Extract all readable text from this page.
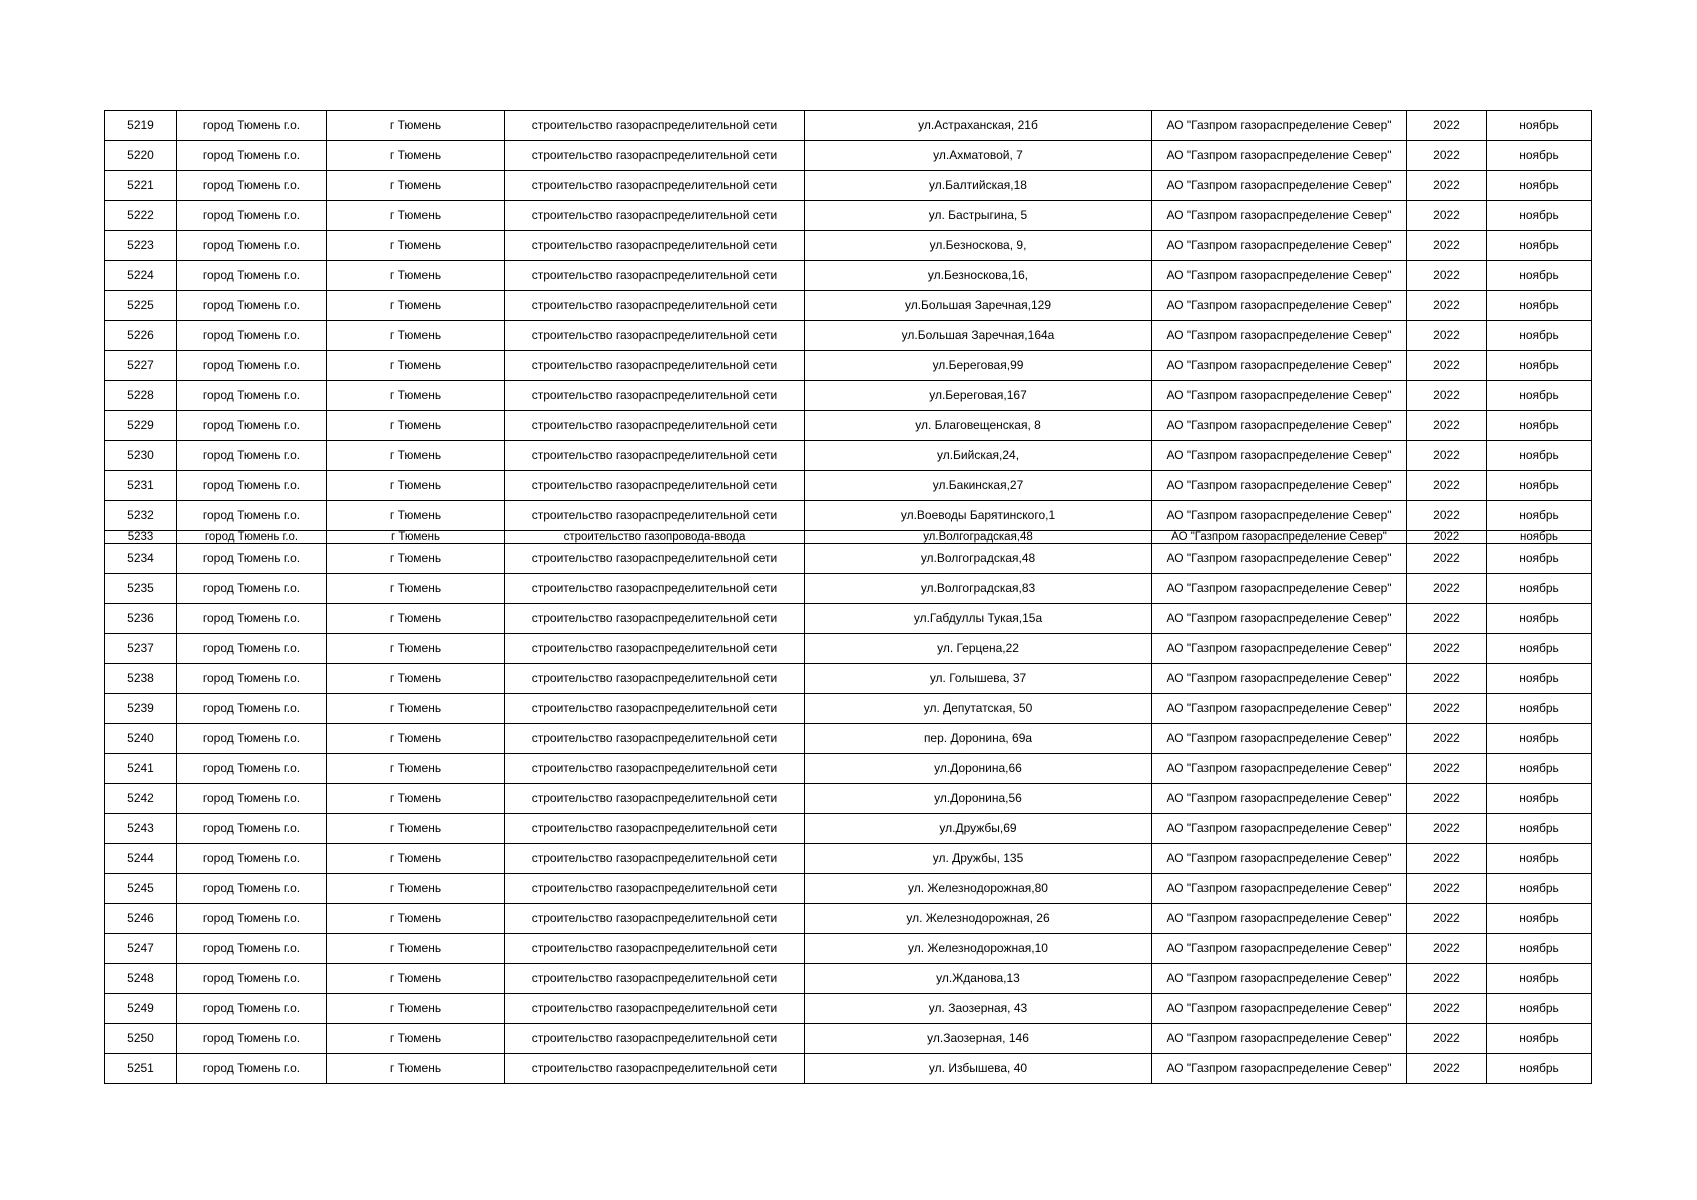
5219	город Тюмень г.о.	г Тюмень	строительство газораспределительной сети	ул.Астраханская, 21б	АО "Газпром газораспределение Север"	2022	ноябрь
5220	город Тюмень г.о.	г Тюмень	строительство газораспределительной сети	ул.Ахматовой, 7	АО "Газпром газораспределение Север"	2022	ноябрь
5221	город Тюмень г.о.	г Тюмень	строительство газораспределительной сети	ул.Балтийская,18	АО "Газпром газораспределение Север"	2022	ноябрь
5222	город Тюмень г.о.	г Тюмень	строительство газораспределительной сети	ул. Бастрыгина, 5	АО "Газпром газораспределение Север"	2022	ноябрь
5223	город Тюмень г.о.	г Тюмень	строительство газораспределительной сети	ул.Безноскова, 9,	АО "Газпром газораспределение Север"	2022	ноябрь
5224	город Тюмень г.о.	г Тюмень	строительство газораспределительной сети	ул.Безноскова,16,	АО "Газпром газораспределение Север"	2022	ноябрь
5225	город Тюмень г.о.	г Тюмень	строительство газораспределительной сети	ул.Большая Заречная,129	АО "Газпром газораспределение Север"	2022	ноябрь
5226	город Тюмень г.о.	г Тюмень	строительство газораспределительной сети	ул.Большая Заречная,164а	АО "Газпром газораспределение Север"	2022	ноябрь
5227	город Тюмень г.о.	г Тюмень	строительство газораспределительной сети	ул.Береговая,99	АО "Газпром газораспределение Север"	2022	ноябрь
5228	город Тюмень г.о.	г Тюмень	строительство газораспределительной сети	ул.Береговая,167	АО "Газпром газораспределение Север"	2022	ноябрь
5229	город Тюмень г.о.	г Тюмень	строительство газораспределительной сети	ул. Благовещенская, 8	АО "Газпром газораспределение Север"	2022	ноябрь
5230	город Тюмень г.о.	г Тюмень	строительство газораспределительной сети	ул.Бийская,24,	АО "Газпром газораспределение Север"	2022	ноябрь
5231	город Тюмень г.о.	г Тюмень	строительство газораспределительной сети	ул.Бакинская,27	АО "Газпром газораспределение Север"	2022	ноябрь
5232	город Тюмень г.о.	г Тюмень	строительство газораспределительной сети	ул.Воеводы Барятинского,1	АО "Газпром газораспределение Север"	2022	ноябрь
5233	город Тюмень г.о.	г Тюмень	строительство газопровода-ввода	ул.Волгоградская,48	АО "Газпром газораспределение Север"	2022	ноябрь
5234	город Тюмень г.о.	г Тюмень	строительство газораспределительной сети	ул.Волгоградская,48	АО "Газпром газораспределение Север"	2022	ноябрь
5235	город Тюмень г.о.	г Тюмень	строительство газораспределительной сети	ул.Волгоградская,83	АО "Газпром газораспределение Север"	2022	ноябрь
5236	город Тюмень г.о.	г Тюмень	строительство газораспределительной сети	ул.Габдуллы Тукая,15а	АО "Газпром газораспределение Север"	2022	ноябрь
5237	город Тюмень г.о.	г Тюмень	строительство газораспределительной сети	ул. Герцена,22	АО "Газпром газораспределение Север"	2022	ноябрь
5238	город Тюмень г.о.	г Тюмень	строительство газораспределительной сети	ул. Голышева, 37	АО "Газпром газораспределение Север"	2022	ноябрь
5239	город Тюмень г.о.	г Тюмень	строительство газораспределительной сети	ул. Депутатская, 50	АО "Газпром газораспределение Север"	2022	ноябрь
5240	город Тюмень г.о.	г Тюмень	строительство газораспределительной сети	пер. Доронина, 69а	АО "Газпром газораспределение Север"	2022	ноябрь
5241	город Тюмень г.о.	г Тюмень	строительство газораспределительной сети	ул.Доронина,66	АО "Газпром газораспределение Север"	2022	ноябрь
5242	город Тюмень г.о.	г Тюмень	строительство газораспределительной сети	ул.Доронина,56	АО "Газпром газораспределение Север"	2022	ноябрь
5243	город Тюмень г.о.	г Тюмень	строительство газораспределительной сети	ул.Дружбы,69	АО "Газпром газораспределение Север"	2022	ноябрь
5244	город Тюмень г.о.	г Тюмень	строительство газораспределительной сети	ул. Дружбы, 135	АО "Газпром газораспределение Север"	2022	ноябрь
5245	город Тюмень г.о.	г Тюмень	строительство газораспределительной сети	ул. Железнодорожная,80	АО "Газпром газораспределение Север"	2022	ноябрь
5246	город Тюмень г.о.	г Тюмень	строительство газораспределительной сети	ул. Железнодорожная, 26	АО "Газпром газораспределение Север"	2022	ноябрь
5247	город Тюмень г.о.	г Тюмень	строительство газораспределительной сети	ул. Железнодорожная,10	АО "Газпром газораспределение Север"	2022	ноябрь
5248	город Тюмень г.о.	г Тюмень	строительство газораспределительной сети	ул.Жданова,13	АО "Газпром газораспределение Север"	2022	ноябрь
5249	город Тюмень г.о.	г Тюмень	строительство газораспределительной сети	ул. Заозерная, 43	АО "Газпром газораспределение Север"	2022	ноябрь
5250	город Тюмень г.о.	г Тюмень	строительство газораспределительной сети	ул.Заозерная, 146	АО "Газпром газораспределение Север"	2022	ноябрь
5251	город Тюмень г.о.	г Тюмень	строительство газораспределительной сети	ул. Избышева, 40	АО "Газпром газораспределение Север"	2022	ноябрь
